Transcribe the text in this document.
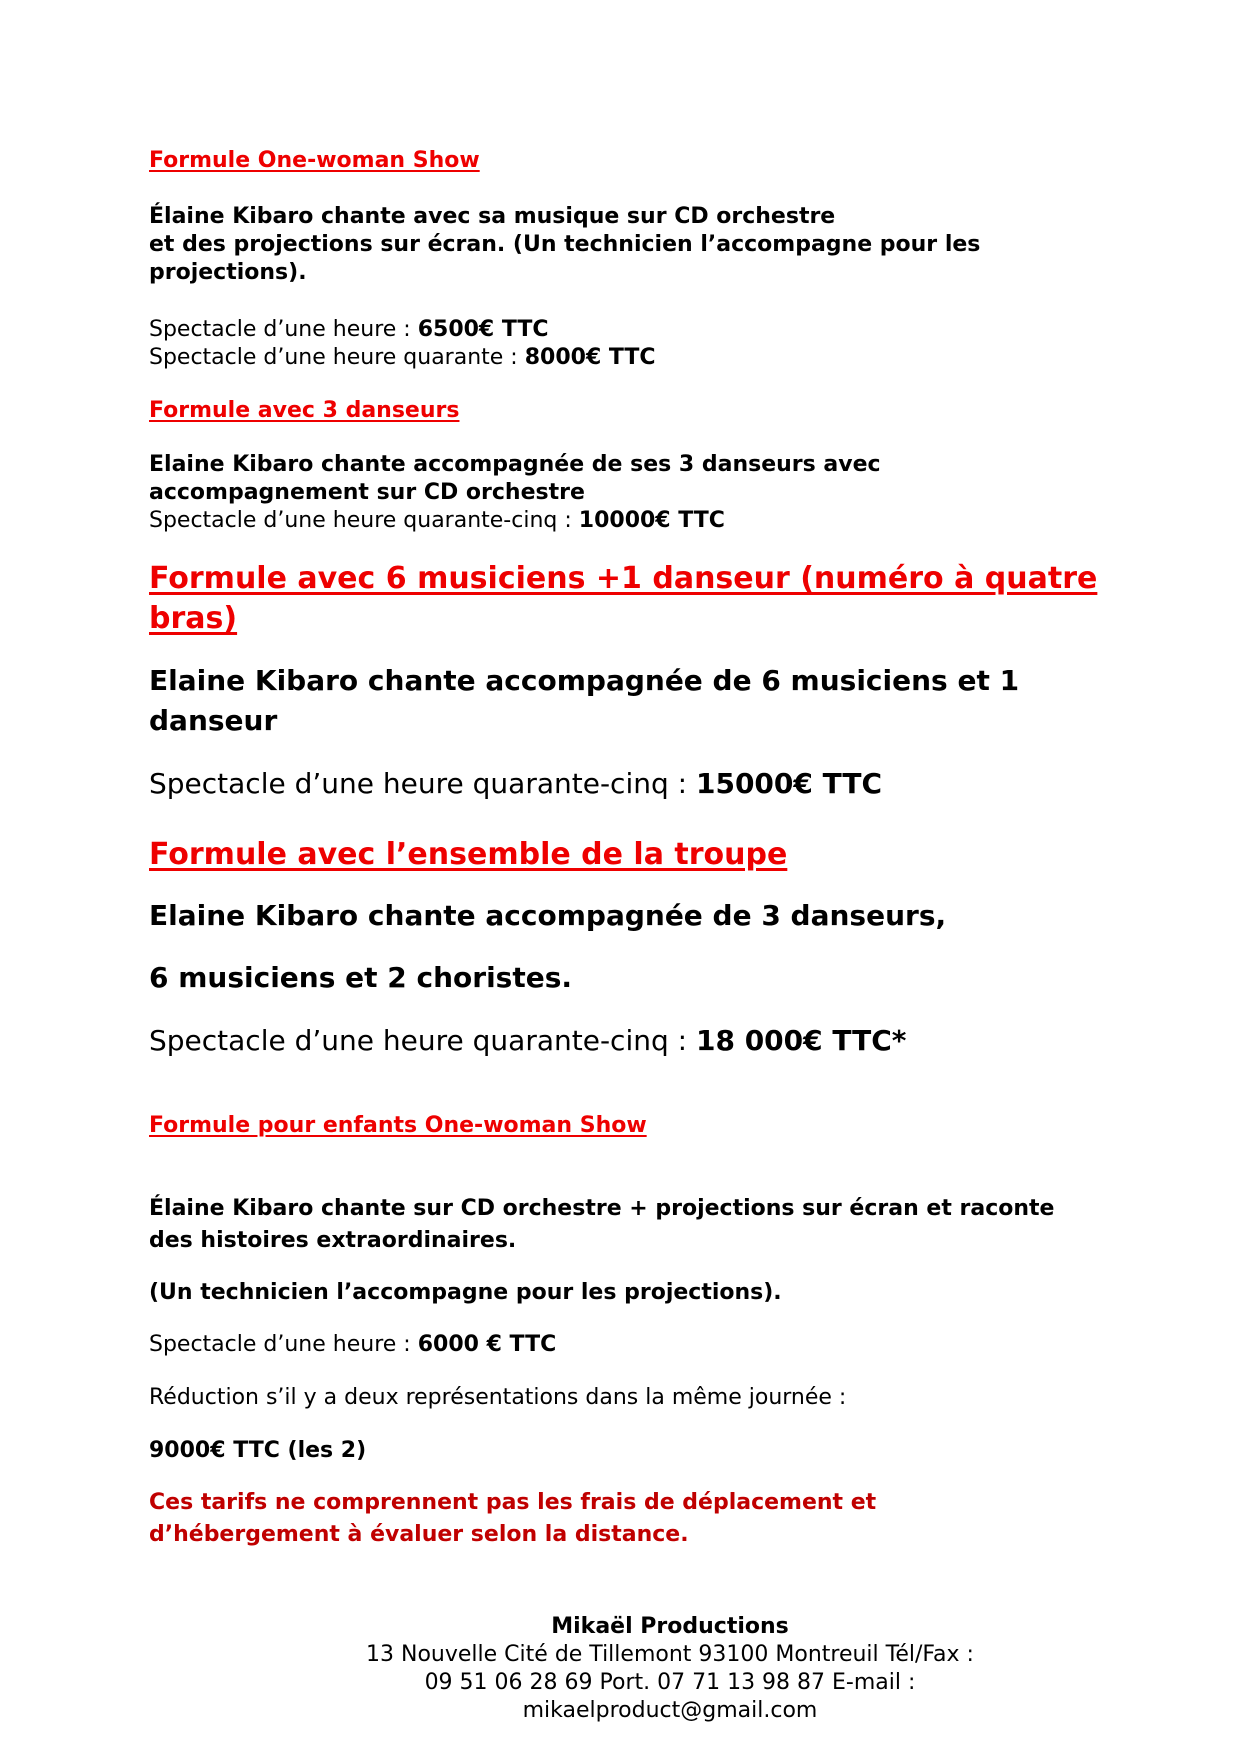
Formule One-woman Show

Élaine Kibaro chante avec sa musique sur CD orchestre
et des projections sur écran. (Un technicien l’accompagne pour les
projections).
Spectacle d’une heure : 6500€ TTC
Spectacle d’une heure quarante : 8000€ TTC

Formule avec 3 danseurs

Elaine Kibaro chante accompagnée de ses 3 danseurs avec
accompagnement sur CD orchestre
Spectacle d’une heure quarante-cinq : 10000€ TTC
Formule avec 6 musiciens +1 danseur (numéro à quatre
bras)
Elaine Kibaro chante accompagnée de 6 musiciens et 1
danseur
Spectacle d’une heure quarante-cinq : 15000€ TTC

Formule avec l’ensemble de la troupe

Elaine Kibaro chante accompagnée de 3 danseurs,

6 musiciens et 2 choristes.

Spectacle d’une heure quarante-cinq : 18 000€ TTC*

Formule pour enfants One-woman Show

Élaine Kibaro chante sur CD orchestre + projections sur écran et raconte
des histoires extraordinaires.

(Un technicien l’accompagne pour les projections).

Spectacle d’une heure : 6000 € TTC

Réduction s’il y a deux représentations dans la même journée :

9000€ TTC (les 2)

Ces tarifs ne comprennent pas les frais de déplacement et
d’hébergement à évaluer selon la distance.
Mikaël Productions
13 Nouvelle Cité de Tillemont 93100 Montreuil Tél/Fax :
09 51 06 28 69 Port. 07 71 13 98 87 E-mail :
mikaelproduct@gmail.com
